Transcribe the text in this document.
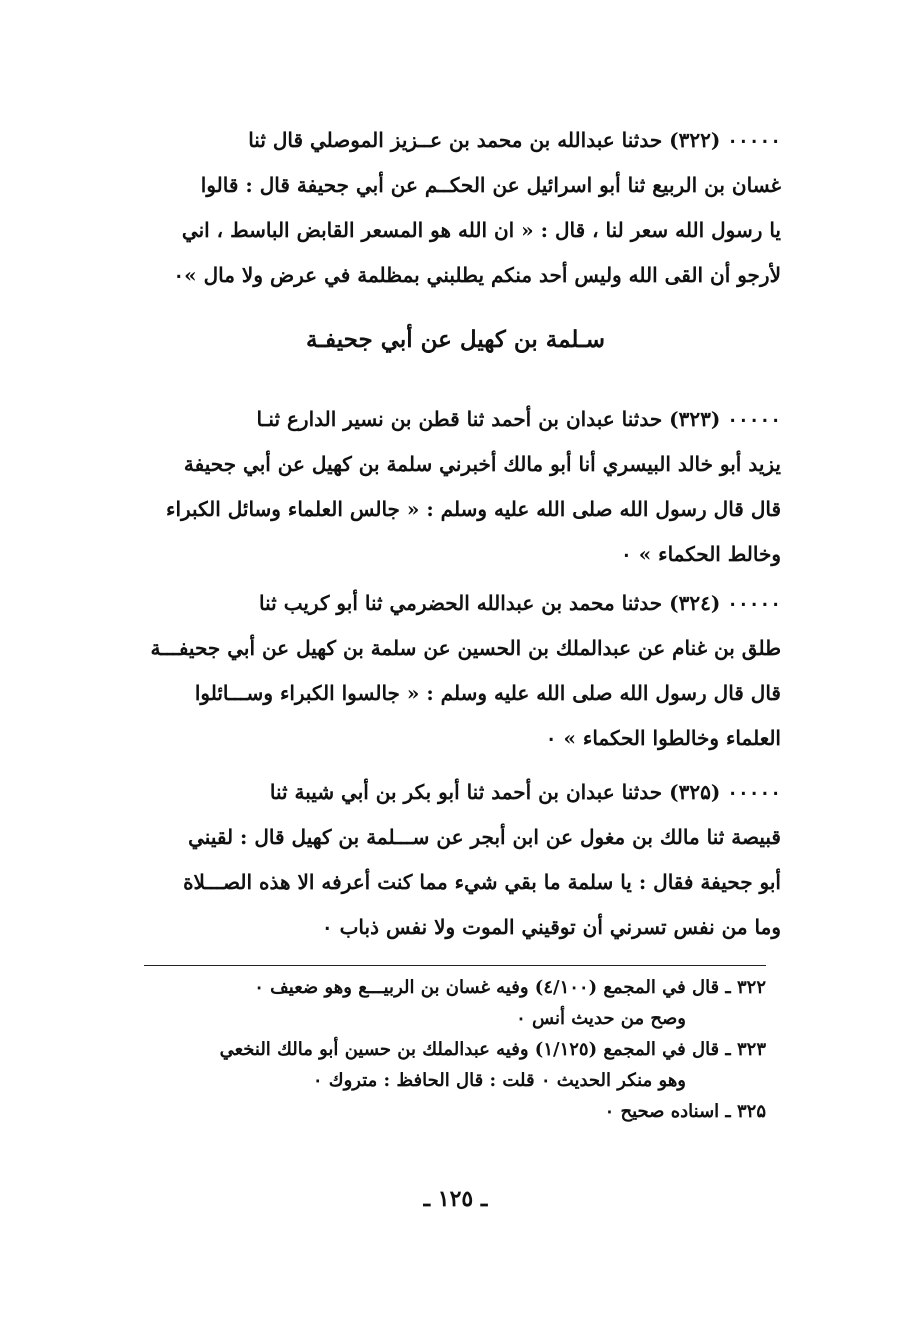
۰۰۰۰۰ (۳۲۲) حدثنا عبدالله بن محمد بن عــزيز الموصلي قال ثنا

غسان بن الربيع ثنا أبو اسرائيل عن الحكــم عن أبي جحيفة قال : قالوا

يا رسول الله سعر لنا ، قال : « ان الله هو المسعر القابض الباسط ، اني

لأرجو أن القى الله وليس أحد منكم يطلبني بمظلمة في عرض ولا مال »۰

سـلمة بن كهيل عن أبي جحيفـة

۰۰۰۰۰ (۳۲۳) حدثنا عبدان بن أحمد ثنا قطن بن نسير الدارع ثنـا

يزيد أبو خالد البيسري أنا أبو مالك أخبرني سلمة بن كهيل عن أبي جحيفة

قال قال رسول الله صلى الله عليه وسلم : « جالس العلماء وسائل الكبراء

وخالط الحكماء » ۰

۰۰۰۰۰ (۳۲٤) حدثنا محمد بن عبدالله الحضرمي ثنا أبو كريب ثنا

طلق بن غنام عن عبدالملك بن الحسين عن سلمة بن كهيل عن أبي جحيفـــة

قال قال رسول الله صلى الله عليه وسلم : « جالسوا الكبراء وســـائلوا

العلماء وخالطوا الحكماء » ۰

۰۰۰۰۰ (۳۲۵) حدثنا عبدان بن أحمد ثنا أبو بكر بن أبي شيبة ثنا

قبيصة ثنا مالك بن مغول عن ابن أبجر عن ســـلمة بن كهيل قال : لقيني

أبو جحيفة فقال : يا سلمة ما بقي شيء مما كنت أعرفه الا هذه الصـــلاة

وما من نفس تسرني أن توقيني الموت ولا نفس ذباب ۰

۳۲۲ ـ قال في المجمع (٤/١٠٠) وفيه غسان بن الربيـــع وهو ضعيف ۰

وصح من حديث أنس ۰

۳۲۳ ـ قال في المجمع (١/١٢٥) وفيه عبدالملك بن حسين أبو مالك النخعي

وهو منكر الحديث ۰ قلت : قال الحافظ : متروك ۰

۳۲۵ ـ اسناده صحيح ۰

ـ ١٢٥ ـ
